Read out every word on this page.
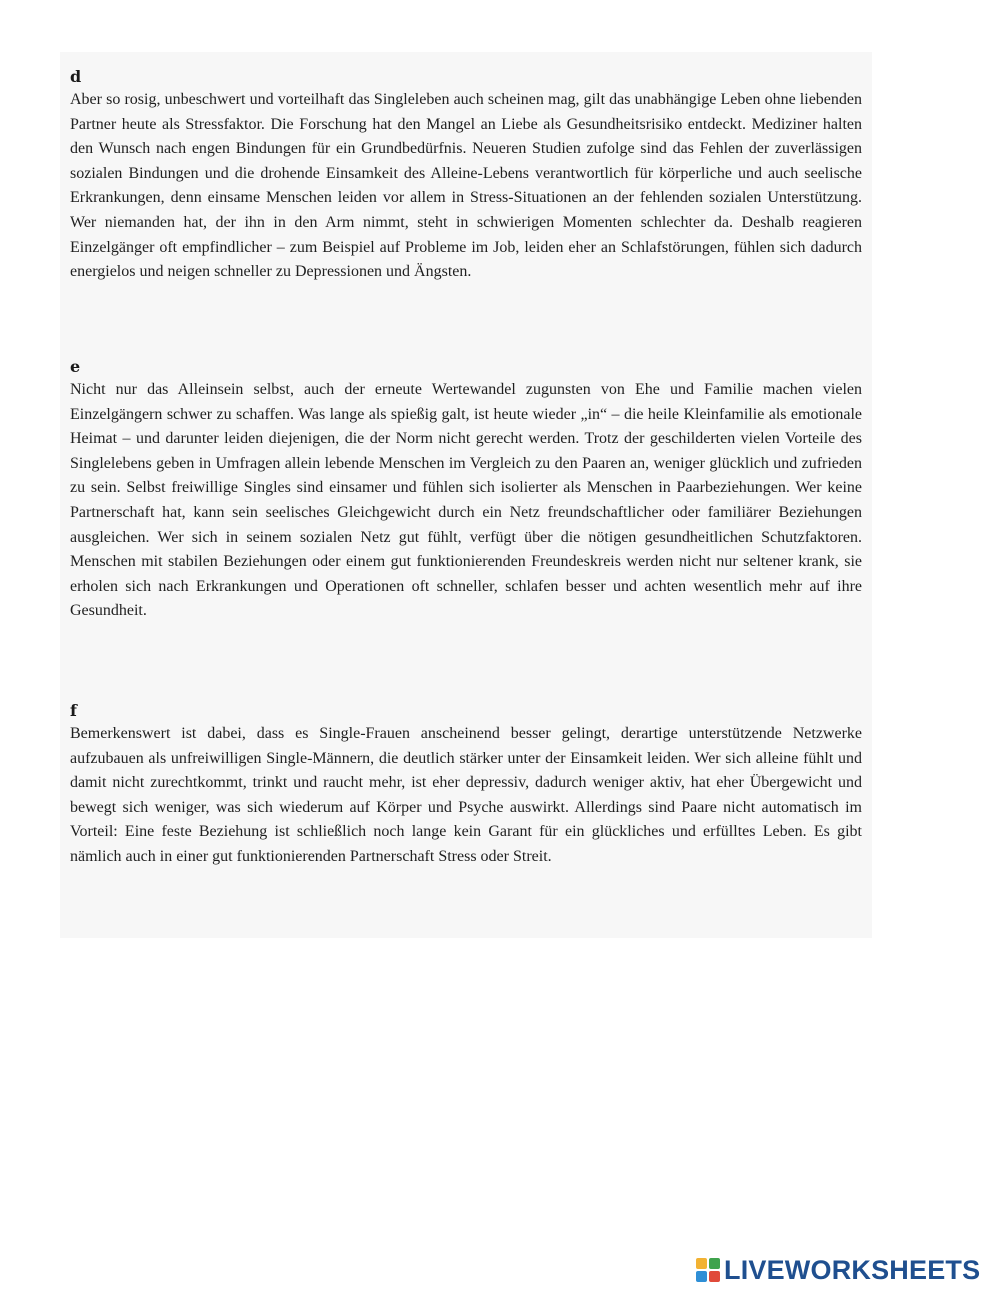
d

Aber so rosig, unbeschwert und vorteilhaft das Singleleben auch scheinen mag, gilt das unabhängige Leben ohne liebenden Partner heute als Stressfaktor. Die Forschung hat den Mangel an Liebe als Gesundheitsrisiko entdeckt. Mediziner halten den Wunsch nach engen Bindungen für ein Grundbedürfnis. Neueren Studien zufolge sind das Fehlen der zuverlässigen sozialen Bindungen und die drohende Einsamkeit des Alleine-Lebens verantwortlich für körperliche und auch seelische Erkrankungen, denn einsame Menschen leiden vor allem in Stress-Situationen an der fehlenden sozialen Unterstützung. Wer niemanden hat, der ihn in den Arm nimmt, steht in schwierigen Momenten schlechter da. Deshalb reagieren Einzelgänger oft empfindlicher – zum Beispiel auf Probleme im Job, leiden eher an Schlafstörungen, fühlen sich dadurch energielos und neigen schneller zu Depressionen und Ängsten.

e

Nicht nur das Alleinsein selbst, auch der erneute Wertewandel zugunsten von Ehe und Familie machen vielen Einzelgängern schwer zu schaffen. Was lange als spießig galt, ist heute wieder „in“ – die heile Kleinfamilie als emotionale Heimat – und darunter leiden diejenigen, die der Norm nicht gerecht werden. Trotz der geschilderten vielen Vorteile des Singlelebens geben in Umfragen allein lebende Menschen im Vergleich zu den Paaren an, weniger glücklich und zufrieden zu sein. Selbst freiwillige Singles sind einsamer und fühlen sich isolierter als Menschen in Paarbeziehungen. Wer keine Partnerschaft hat, kann sein seelisches Gleichgewicht durch ein Netz freundschaftlicher oder familiärer Beziehungen ausgleichen. Wer sich in seinem sozialen Netz gut fühlt, verfügt über die nötigen gesundheitlichen Schutzfaktoren. Menschen mit stabilen Beziehungen oder einem gut funktionierenden Freundeskreis werden nicht nur seltener krank, sie erholen sich nach Erkrankungen und Operationen oft schneller, schlafen besser und achten wesentlich mehr auf ihre Gesundheit.

f

Bemerkenswert ist dabei, dass es Single-Frauen anscheinend besser gelingt, derartige unterstützende Netzwerke aufzubauen als unfreiwilligen Single-Männern, die deutlich stärker unter der Einsamkeit leiden. Wer sich alleine fühlt und damit nicht zurechtkommt, trinkt und raucht mehr, ist eher depressiv, dadurch weniger aktiv, hat eher Übergewicht und bewegt sich weniger, was sich wiederum auf Körper und Psyche auswirkt. Allerdings sind Paare nicht automatisch im Vorteil: Eine feste Beziehung ist schließlich noch lange kein Garant für ein glückliches und erfülltes Leben. Es gibt nämlich auch in einer gut funktionierenden Partnerschaft Stress oder Streit.

LIVEWORKSHEETS
